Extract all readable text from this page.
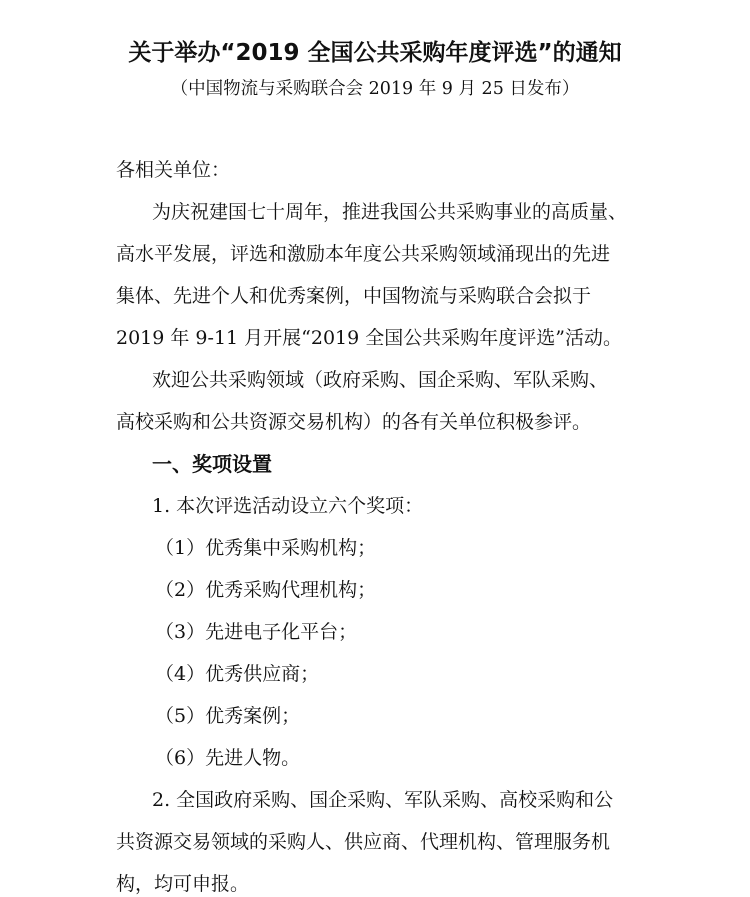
关于举办“2019 全国公共采购年度评选”的通知
（中国物流与采购联合会 2019 年 9 月 25 日发布）
各相关单位：
为庆祝建国七十周年，推进我国公共采购事业的高质量、
高水平发展，评选和激励本年度公共采购领域涌现出的先进
集体、先进个人和优秀案例，中国物流与采购联合会拟于
2019 年 9-11 月开展“2019 全国公共采购年度评选”活动。
欢迎公共采购领域（政府采购、国企采购、军队采购、
高校采购和公共资源交易机构）的各有关单位积极参评。
一、奖项设置
1. 本次评选活动设立六个奖项：
（1）优秀集中采购机构；
（2）优秀采购代理机构；
（3）先进电子化平台；
（4）优秀供应商；
（5）优秀案例；
（6）先进人物。
2. 全国政府采购、国企采购、军队采购、高校采购和公
共资源交易领域的采购人、供应商、代理机构、管理服务机
构，均可申报。
